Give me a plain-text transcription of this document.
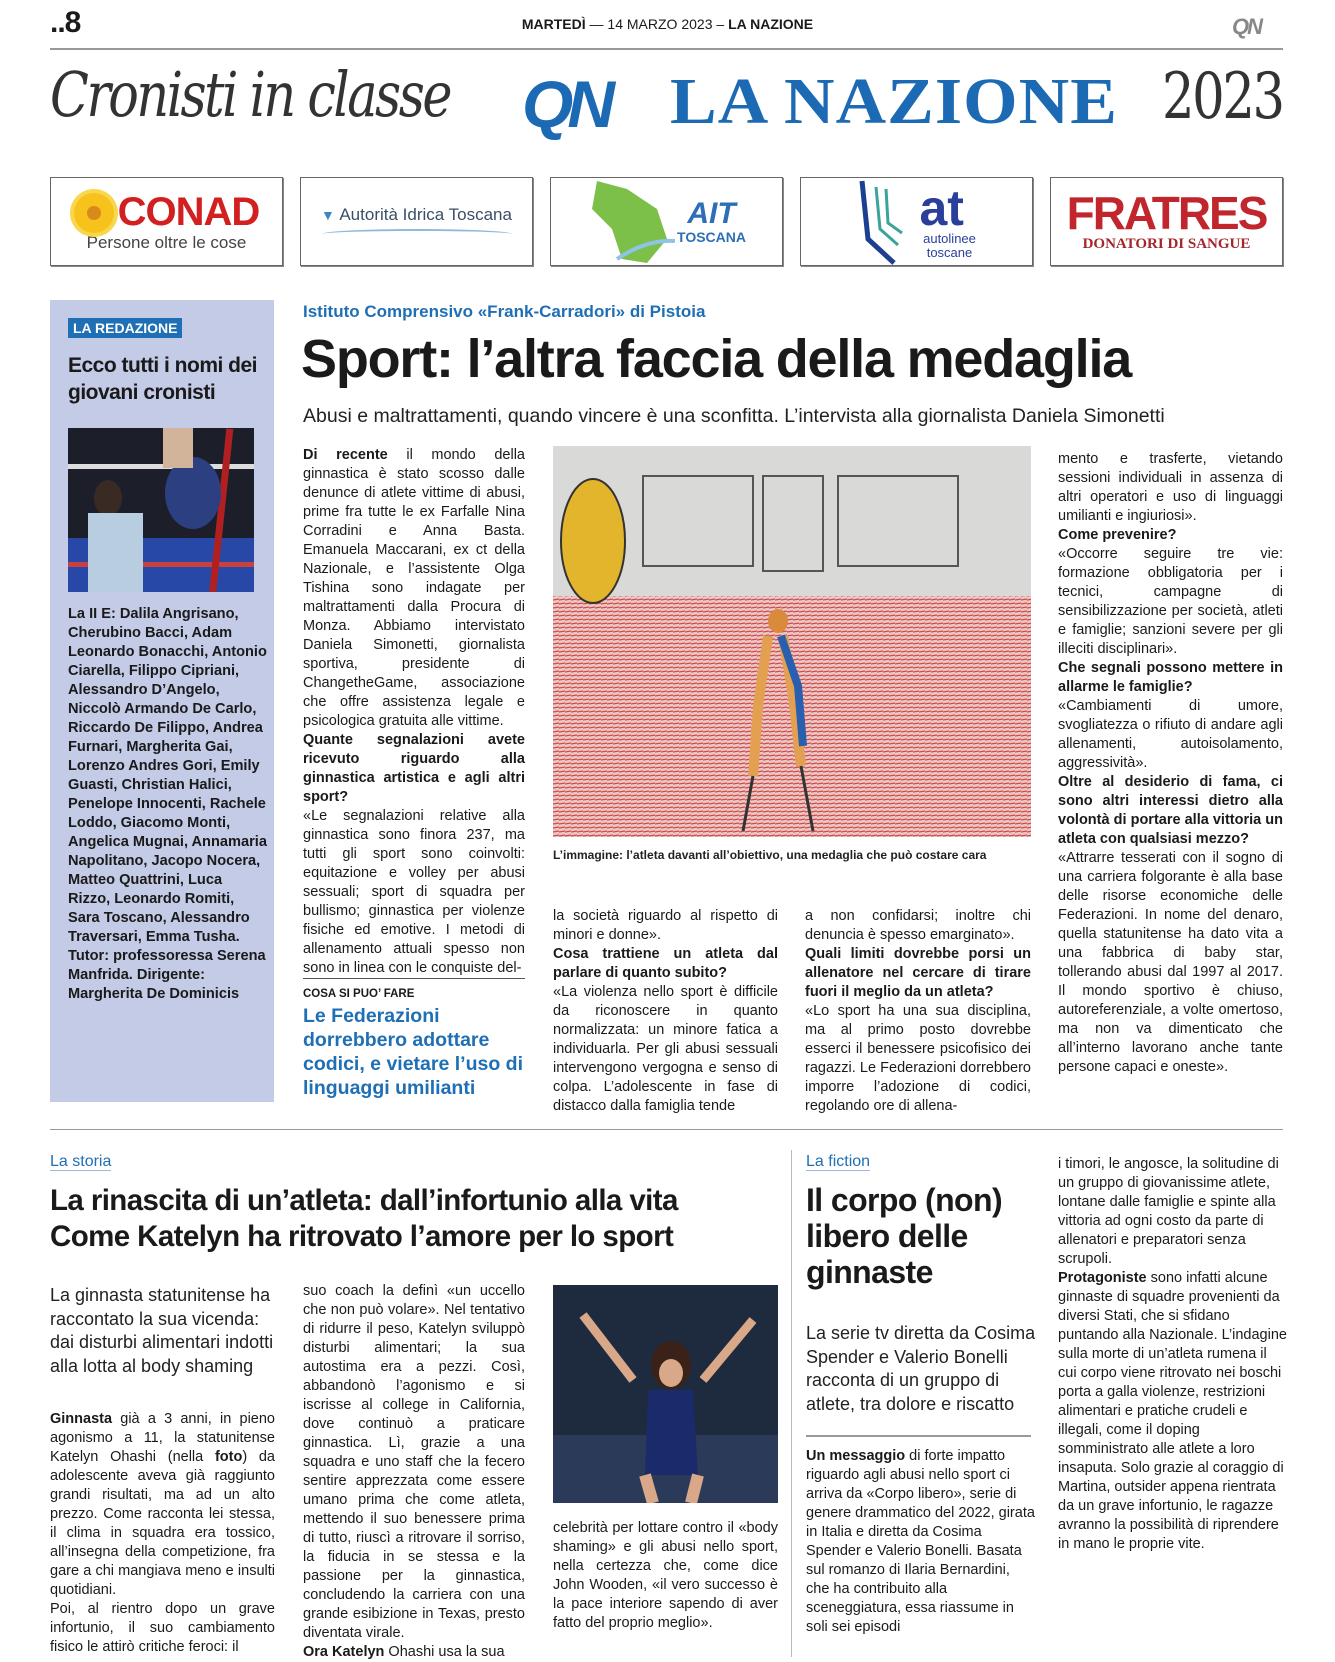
..8	MARTEDÌ — 14 MARZO 2023 – LA NAZIONE	QN
Cronisti in classe QN LA NAZIONE 2023
CONAD
Persone oltre le cose
▼ Autorità Idrica Toscana	AIT
TOSCANA
at
autolinee toscane
FRATRES
DONATORI DI SANGUE
LA REDAZIONE
Ecco tutti i nomi dei giovani cronisti

La II E: Dalila Angrisano, Cherubino Bacci, Adam Leonardo Bonacchi, Antonio Ciarella, Filippo Cipriani, Alessandro D’Angelo, Niccolò Armando De Carlo, Riccardo De Filippo, Andrea Furnari, Margherita Gai, Lorenzo Andres Gori, Emily Guasti, Christian Halici, Penelope Innocenti, Rachele Loddo, Giacomo Monti, Angelica Mugnai, Annamaria Napolitano, Jacopo Nocera, Matteo Quattrini, Luca Rizzo, Leonardo Romiti, Sara Toscano, Alessandro Traversari, Emma Tusha. Tutor: professoressa Serena Manfrida. Dirigente: Margherita De Dominicis

Istituto Comprensivo «Frank-Carradori» di Pistoia
Sport: l’altra faccia della medaglia
Abusi e maltrattamenti, quando vincere è una sconfitta. L’intervista alla giornalista Daniela Simonetti

Di recente il mondo della ginnastica è stato scosso dalle denunce di atlete vittime di abusi, prime fra tutte le ex Farfalle Nina Corradini e Anna Basta. Emanuela Maccarani, ex ct della Nazionale, e l’assistente Olga Tishina sono indagate per maltrattamenti dalla Procura di Monza. Abbiamo intervistato Daniela Simonetti, giornalista sportiva, presidente di ChangetheGame, associazione che offre assistenza legale e psicologica gratuita alle vittime.

Quante segnalazioni avete ricevuto riguardo alla ginnastica artistica e agli altri sport?

«Le segnalazioni relative alla ginnastica sono finora 237, ma tutti gli sport sono coinvolti: equitazione e volley per abusi sessuali; sport di squadra per bullismo; ginnastica per violenze fisiche ed emotive. I metodi di allenamento attuali spesso non sono in linea con le conquiste del-

COSA SI PUO’ FARE
Le Federazioni dorrebbero adottare codici, e vietare l’uso di linguaggi umilianti
L’immagine: l’atleta davanti all’obiettivo, una medaglia che può costare cara

la società riguardo al rispetto di minori e donne».

Cosa trattiene un atleta dal parlare di quanto subito?

«La violenza nello sport è difficile da riconoscere in quanto normalizzata: un minore fatica a individuarla. Per gli abusi sessuali intervengono vergogna e senso di colpa. L’adolescente in fase di distacco dalla famiglia tende

a non confidarsi; inoltre chi denuncia è spesso emarginato».

Quali limiti dovrebbe porsi un allenatore nel cercare di tirare fuori il meglio da un atleta?

«Lo sport ha una sua disciplina, ma al primo posto dovrebbe esserci il benessere psicofisico dei ragazzi. Le Federazioni dorrebbero imporre l’adozione di codici, regolando ore di allena-

mento e trasferte, vietando sessioni individuali in assenza di altri operatori e uso di linguaggi umilianti e ingiuriosi».

Come prevenire?

«Occorre seguire tre vie: formazione obbligatoria per i tecnici, campagne di sensibilizzazione per società, atleti e famiglie; sanzioni severe per gli illeciti disciplinari».

Che segnali possono mettere in allarme le famiglie?

«Cambiamenti di umore, svogliatezza o rifiuto di andare agli allenamenti, autoisolamento, aggressività».

Oltre al desiderio di fama, ci sono altri interessi dietro alla volontà di portare alla vittoria un atleta con qualsiasi mezzo?

«Attrarre tesserati con il sogno di una carriera folgorante è alla base delle risorse economiche delle Federazioni. In nome del denaro, quella statunitense ha dato vita a una fabbrica di baby star, tollerando abusi dal 1997 al 2017. Il mondo sportivo è chiuso, autoreferenziale, a volte omertoso, ma non va dimenticato che all’interno lavorano anche tante persone capaci e oneste».

La storia
La rinascita di un’atleta: dall’infortunio alla vita
Come Katelyn ha ritrovato l’amore per lo sport
La ginnasta statunitense ha raccontato la sua vicenda: dai disturbi alimentari indotti alla lotta al body shaming

Ginnasta già a 3 anni, in pieno agonismo a 11, la statunitense Katelyn Ohashi (nella foto) da adolescente aveva già raggiunto grandi risultati, ma ad un alto prezzo. Come racconta lei stessa, il clima in squadra era tossico, all’insegna della competizione, fra gare a chi mangiava meno e insulti quotidiani.

Poi, al rientro dopo un grave infortunio, il suo cambiamento fisico le attirò critiche feroci: il

suo coach la definì «un uccello che non può volare». Nel tentativo di ridurre il peso, Katelyn sviluppò disturbi alimentari; la sua autostima era a pezzi. Così, abbandonò l’agonismo e si iscrisse al college in California, dove continuò a praticare ginnastica. Lì, grazie a una squadra e uno staff che la fecero sentire apprezzata come essere umano prima che come atleta, mettendo il suo benessere prima di tutto, riuscì a ritrovare il sorriso, la fiducia in se stessa e la passione per la ginnastica, concludendo la carriera con una grande esibizione in Texas, presto diventata virale.

Ora Katelyn Ohashi usa la sua

celebrità per lottare contro il «body shaming» e gli abusi nello sport, nella certezza che, come dice John Wooden, «il vero successo è la pace interiore sapendo di aver fatto del proprio meglio».

La fiction
Il corpo (non) libero delle ginnaste
La serie tv diretta da Cosima Spender e Valerio Bonelli racconta di un gruppo di atlete, tra dolore e riscatto

Un messaggio di forte impatto riguardo agli abusi nello sport ci arriva da «Corpo libero», serie di genere drammatico del 2022, girata in Italia e diretta da Cosima Spender e Valerio Bonelli. Basata sul romanzo di Ilaria Bernardini, che ha contribuito alla sceneggiatura, essa riassume in soli sei episodi

i timori, le angosce, la solitudine di un gruppo di giovanissime atlete, lontane dalle famiglie e spinte alla vittoria ad ogni costo da parte di allenatori e preparatori senza scrupoli.

Protagoniste sono infatti alcune ginnaste di squadre provenienti da diversi Stati, che si sfidano puntando alla Nazionale. L’indagine sulla morte di un’atleta rumena il cui corpo viene ritrovato nei boschi porta a galla violenze, restrizioni alimentari e pratiche crudeli e illegali, come il doping somministrato alle atlete a loro insaputa. Solo grazie al coraggio di Martina, outsider appena rientrata da un grave infortunio, le ragazze avranno la possibilità di riprendere in mano le proprie vite.
